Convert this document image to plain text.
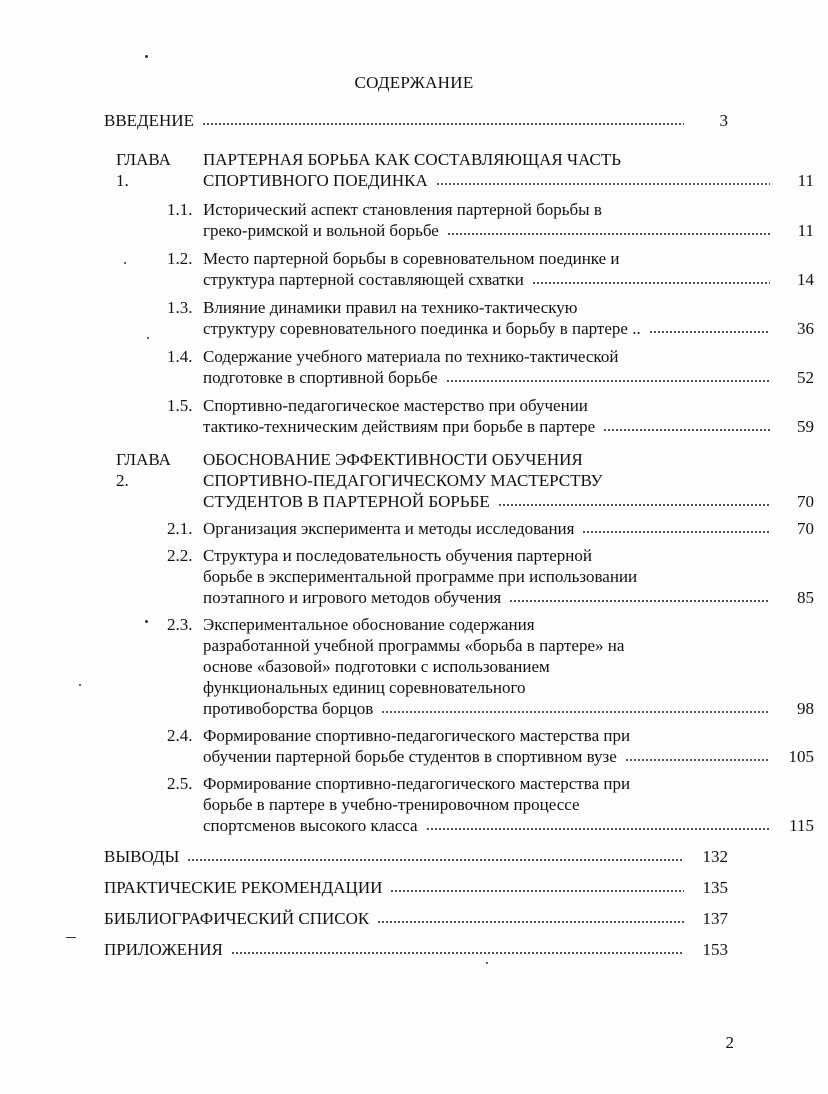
СОДЕРЖАНИЕ
ВВЕДЕНИЕ	3
ГЛАВА 1.
ПАРТЕРНАЯ БОРЬБА КАК СОСТАВЛЯЮЩАЯ ЧАСТЬ
СПОРТИВНОГО ПОЕДИНКА	11
1.1. Исторический аспект становления партерной борьбы в
греко-римской и вольной борьбе	11
1.2. Место партерной борьбы в соревновательном поединке и
структура партерной составляющей схватки	14
1.3. Влияние динамики правил на технико-тактическую
структуру соревновательного поединка и борьбу в партере ..	36
1.4. Содержание учебного материала по технико-тактической
подготовке в спортивной борьбе	52
1.5. Спортивно-педагогическое мастерство при обучении
тактико-техническим действиям при борьбе в партере	59
ГЛАВА 2.
ОБОСНОВАНИЕ ЭФФЕКТИВНОСТИ ОБУЧЕНИЯ
СПОРТИВНО-ПЕДАГОГИЧЕСКОМУ МАСТЕРСТВУ
СТУДЕНТОВ В ПАРТЕРНОЙ БОРЬБЕ	70
2.1. Организация эксперимента и методы исследования	70
2.2. Структура и последовательность обучения партерной
борьбе в экспериментальной программе при использовании
поэтапного и игрового методов обучения	85
2.3. Экспериментальное обоснование содержания
разработанной учебной программы «борьба в партере» на
основе «базовой» подготовки с использованием
функциональных единиц соревновательного
противоборства борцов	98
2.4. Формирование спортивно-педагогического мастерства при
обучении партерной борьбе студентов в спортивном вузе	105
2.5. Формирование спортивно-педагогического мастерства при
борьбе в партере в учебно-тренировочном процессе
спортсменов высокого класса	115
ВЫВОДЫ	132
ПРАКТИЧЕСКИЕ РЕКОМЕНДАЦИИ	135
БИБЛИОГРАФИЧЕСКИЙ СПИСОК	137
ПРИЛОЖЕНИЯ	153
2
